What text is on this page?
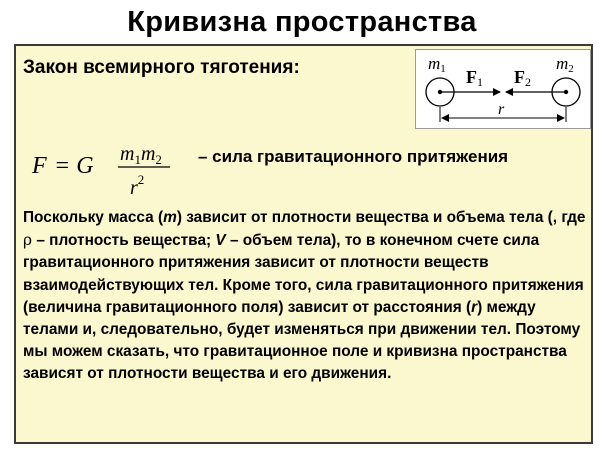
Кривизна пространства
Закон всемирного тяготения:	m1	m2
F1 F2
r
F = G $m_1m_2$
$r^2$
– сила гравитационного притяжения
Поскольку масса (m) зависит от плотности вещества и объема тела (, где ρ – плотность вещества; V – объем тела), то в конечном счете сила гравитационного притяжения зависит от плотности веществ взаимодействующих тел. Кроме того, сила гравитационного притяжения (величина гравитационного поля) зависит от расстояния (r) между телами и, следовательно, будет изменяться при движении тел. Поэтому мы можем сказать, что гравитационное поле и кривизна пространства зависят от плотности вещества и его движения.
